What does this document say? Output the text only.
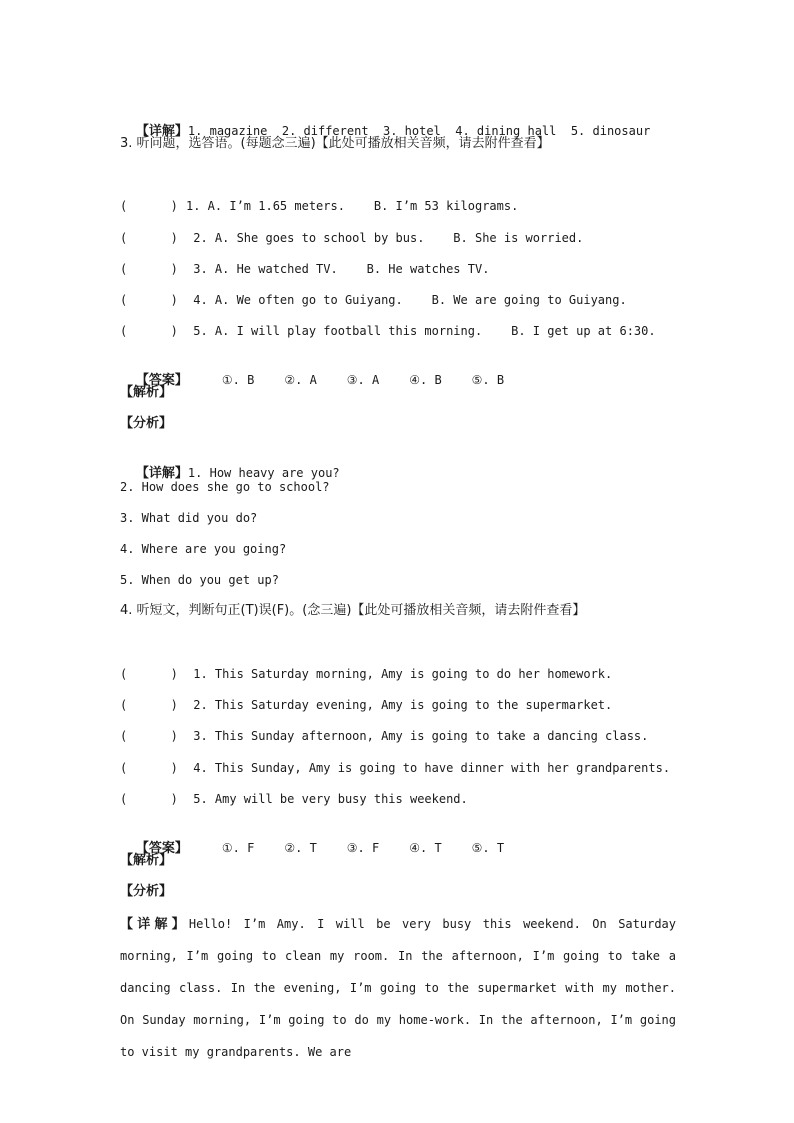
【详解】1. magazine  2. different  3. hotel  4. dining hall  5. dinosaur

3. 听问题，选答语。(每题念三遍)【此处可播放相关音频，请去附件查看】
(      ) 1. A. I’m 1.65 meters.    B. I’m 53 kilograms.
(      ) 2. A. She goes to school by bus.    B. She is worried.
(      ) 3. A. He watched TV.    B. He watches TV.
(      ) 4. A. We often go to Guiyang.    B. We are going to Guiyang.
(      ) 5. A. I will play football this morning.    B. I get up at 6:30.

【答案】	①. B	②. A	③. A	④. B	⑤. B

【解析】
【分析】

【详解】1. How heavy are you?

2. How does she go to school?
3. What did you do?
4. Where are you going?
5. When do you get up?
4. 听短文，判断句正(T)误(F)。(念三遍)【此处可播放相关音频，请去附件查看】
(      ) 1. This Saturday morning, Amy is going to do her homework.
(      ) 2. This Saturday evening, Amy is going to the supermarket.
(      ) 3. This Sunday afternoon, Amy is going to take a dancing class.
(      ) 4. This Sunday, Amy is going to have dinner with her grandparents.
(      ) 5. Amy will be very busy this weekend.

【答案】	①. F	②. T	③. F	④. T	⑤. T

【解析】
【分析】
【详解】Hello! I’m Amy. I will be very busy this weekend. On Saturday morning, I’m going to clean my room. In the afternoon, I’m going to take a dancing class. In the evening, I’m going to the supermarket with my mother. On Sunday morning, I’m going to do my home-work. In the afternoon, I’m going to visit my grandparents. We are
